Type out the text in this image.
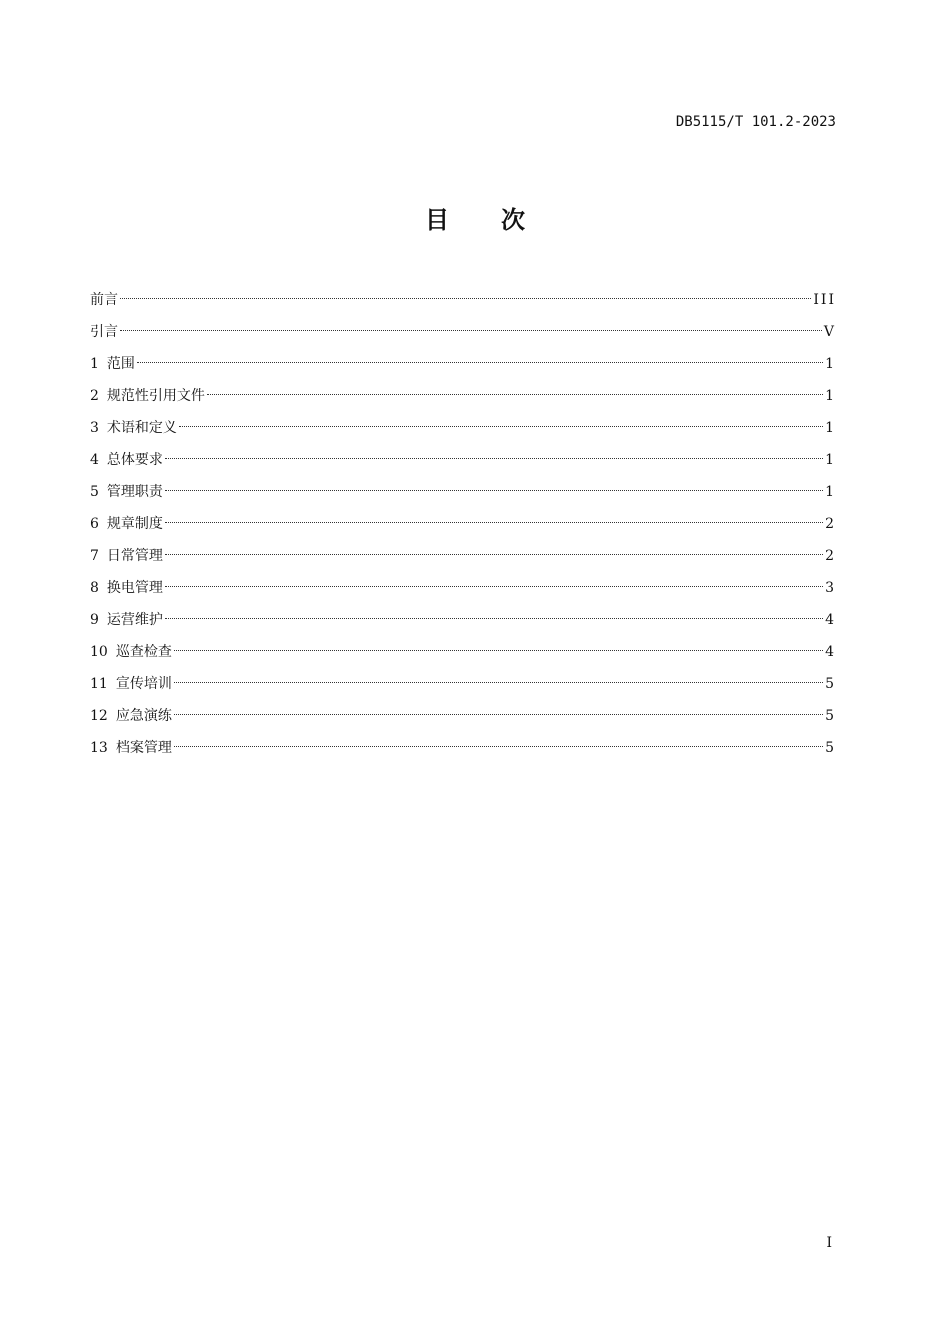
DB5115/T 101.2-2023
目 次
前言	III
引言	V
1 范围	1
2 规范性引用文件	1
3 术语和定义	1
4 总体要求	1
5 管理职责	1
6 规章制度	2
7 日常管理	2
8 换电管理	3
9 运营维护	4
10 巡查检查	4
11 宣传培训	5
12 应急演练	5
13 档案管理	5
I
